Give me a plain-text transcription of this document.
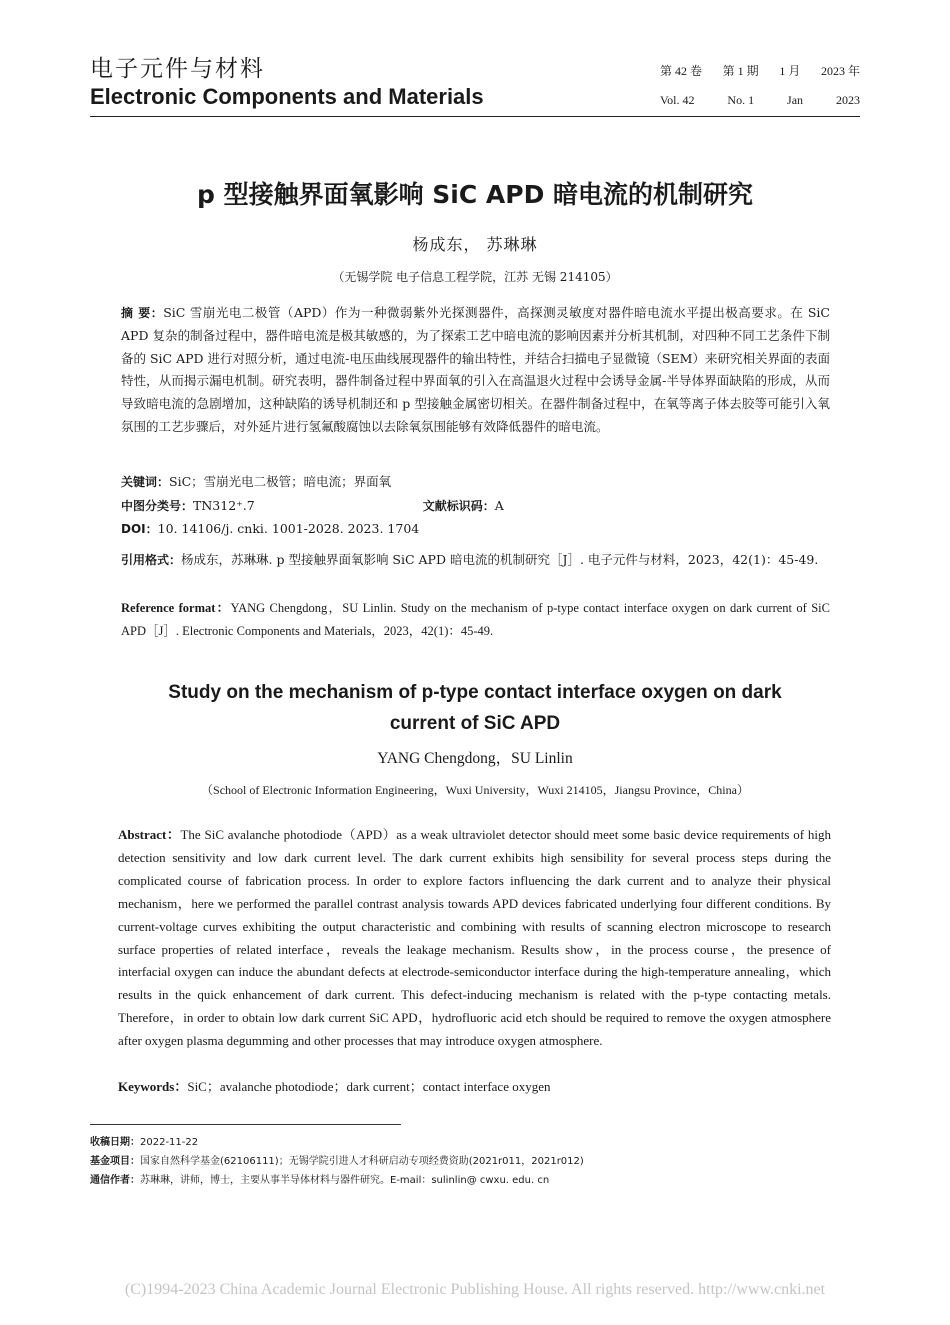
电子元件与材料
Electronic Components and Materials
第 42 卷 第 1 期 1 月 2023 年
Vol. 42	No. 1	Jan	2023
p 型接触界面氧影响 SiC APD 暗电流的机制研究
杨成东， 苏琳琳
（无锡学院 电子信息工程学院，江苏 无锡 214105）
摘 要：SiC 雪崩光电二极管（APD）作为一种微弱紫外光探测器件，高探测灵敏度对器件暗电流水平提出极高要求。在 SiC APD 复杂的制备过程中，器件暗电流是极其敏感的，为了探索工艺中暗电流的影响因素并分析其机制，对四种不同工艺条件下制备的 SiC APD 进行对照分析，通过电流-电压曲线展现器件的输出特性，并结合扫描电子显微镜（SEM）来研究相关界面的表面特性，从而揭示漏电机制。研究表明，器件制备过程中界面氧的引入在高温退火过程中会诱导金属-半导体界面缺陷的形成，从而导致暗电流的急剧增加，这种缺陷的诱导机制还和 p 型接触金属密切相关。在器件制备过程中，在氧等离子体去胶等可能引入氧氛围的工艺步骤后，对外延片进行氢氟酸腐蚀以去除氧氛围能够有效降低器件的暗电流。
关键词：SiC；雪崩光电二极管；暗电流；界面氧
中图分类号：TN312⁺.7	文献标识码：A
DOI：10. 14106/j. cnki. 1001-2028. 2023. 1704
引用格式：杨成东，苏琳琳. p 型接触界面氧影响 SiC APD 暗电流的机制研究［J］. 电子元件与材料，2023，42(1)：45-49.
Reference format：YANG Chengdong，SU Linlin. Study on the mechanism of p-type contact interface oxygen on dark current of SiC APD［J］. Electronic Components and Materials，2023，42(1)：45-49.
Study on the mechanism of p-type contact interface oxygen on dark
current of SiC APD
YANG Chengdong，SU Linlin
（School of Electronic Information Engineering，Wuxi University，Wuxi 214105，Jiangsu Province，China）
Abstract：The SiC avalanche photodiode（APD）as a weak ultraviolet detector should meet some basic device requirements of high detection sensitivity and low dark current level. The dark current exhibits high sensibility for several process steps during the complicated course of fabrication process. In order to explore factors influencing the dark current and to analyze their physical mechanism，here we performed the parallel contrast analysis towards APD devices fabricated underlying four different conditions. By current-voltage curves exhibiting the output characteristic and combining with results of scanning electron microscope to research surface properties of related interface，reveals the leakage mechanism. Results show，in the process course，the presence of interfacial oxygen can induce the abundant defects at electrode-semiconductor interface during the high-temperature annealing，which results in the quick enhancement of dark current. This defect-inducing mechanism is related with the p-type contacting metals. Therefore，in order to obtain low dark current SiC APD，hydrofluoric acid etch should be required to remove the oxygen atmosphere after oxygen plasma degumming and other processes that may introduce oxygen atmosphere.
Keywords：SiC；avalanche photodiode；dark current；contact interface oxygen
收稿日期：2022-11-22
基金项目：国家自然科学基金(62106111)；无锡学院引进人才科研启动专项经费资助(2021r011，2021r012)
通信作者：苏琳琳，讲师，博士，主要从事半导体材料与器件研究。E-mail：sulinlin@ cwxu. edu. cn
(C)1994-2023 China Academic Journal Electronic Publishing House. All rights reserved. http://www.cnki.net
